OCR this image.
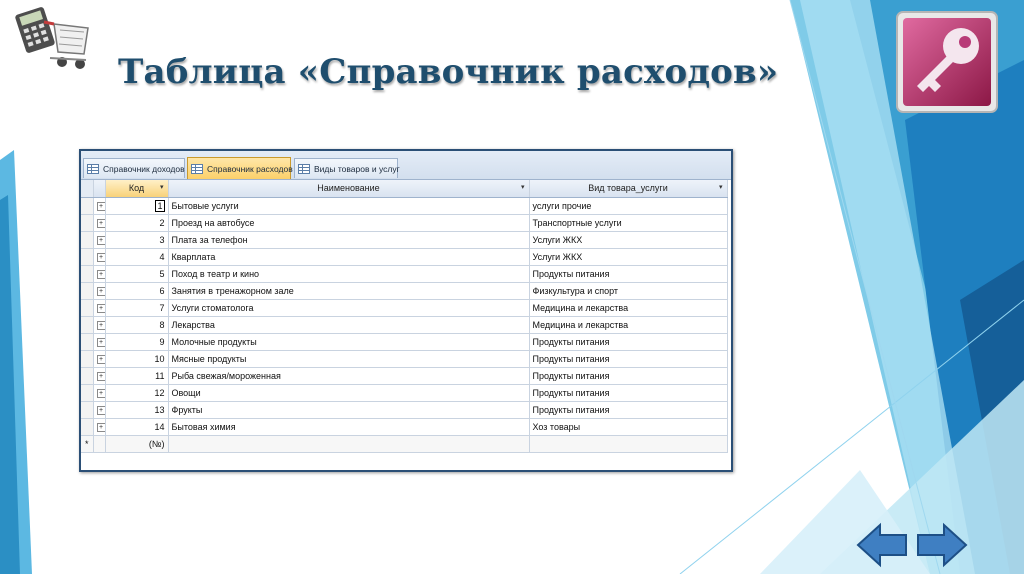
Таблица «Справочник расходов»
Справочник доходов	Справочник расходов	Виды товаров и услуг
		Код ▾	Наименование ▾	Вид товара_услуги ▾

	+	1	Бытовые услуги	услуги прочие
	+	2	Проезд на автобусе	Транспортные услуги
	+	3	Плата за телефон	Услуги ЖКХ
	+	4	Кварплата	Услуги ЖКХ
	+	5	Поход в театр и кино	Продукты питания
	+	6	Занятия в тренажорном зале	Физкультура и спорт
	+	7	Услуги стоматолога	Медицина и лекарства
	+	8	Лекарства	Медицина и лекарства
	+	9	Молочные продукты	Продукты питания
	+	10	Мясные продукты	Продукты питания
	+	11	Рыба свежая/мороженная	Продукты питания
	+	12	Овощи	Продукты питания
	+	13	Фрукты	Продукты питания
	+	14	Бытовая химия	Хоз товары
*		(№)		
